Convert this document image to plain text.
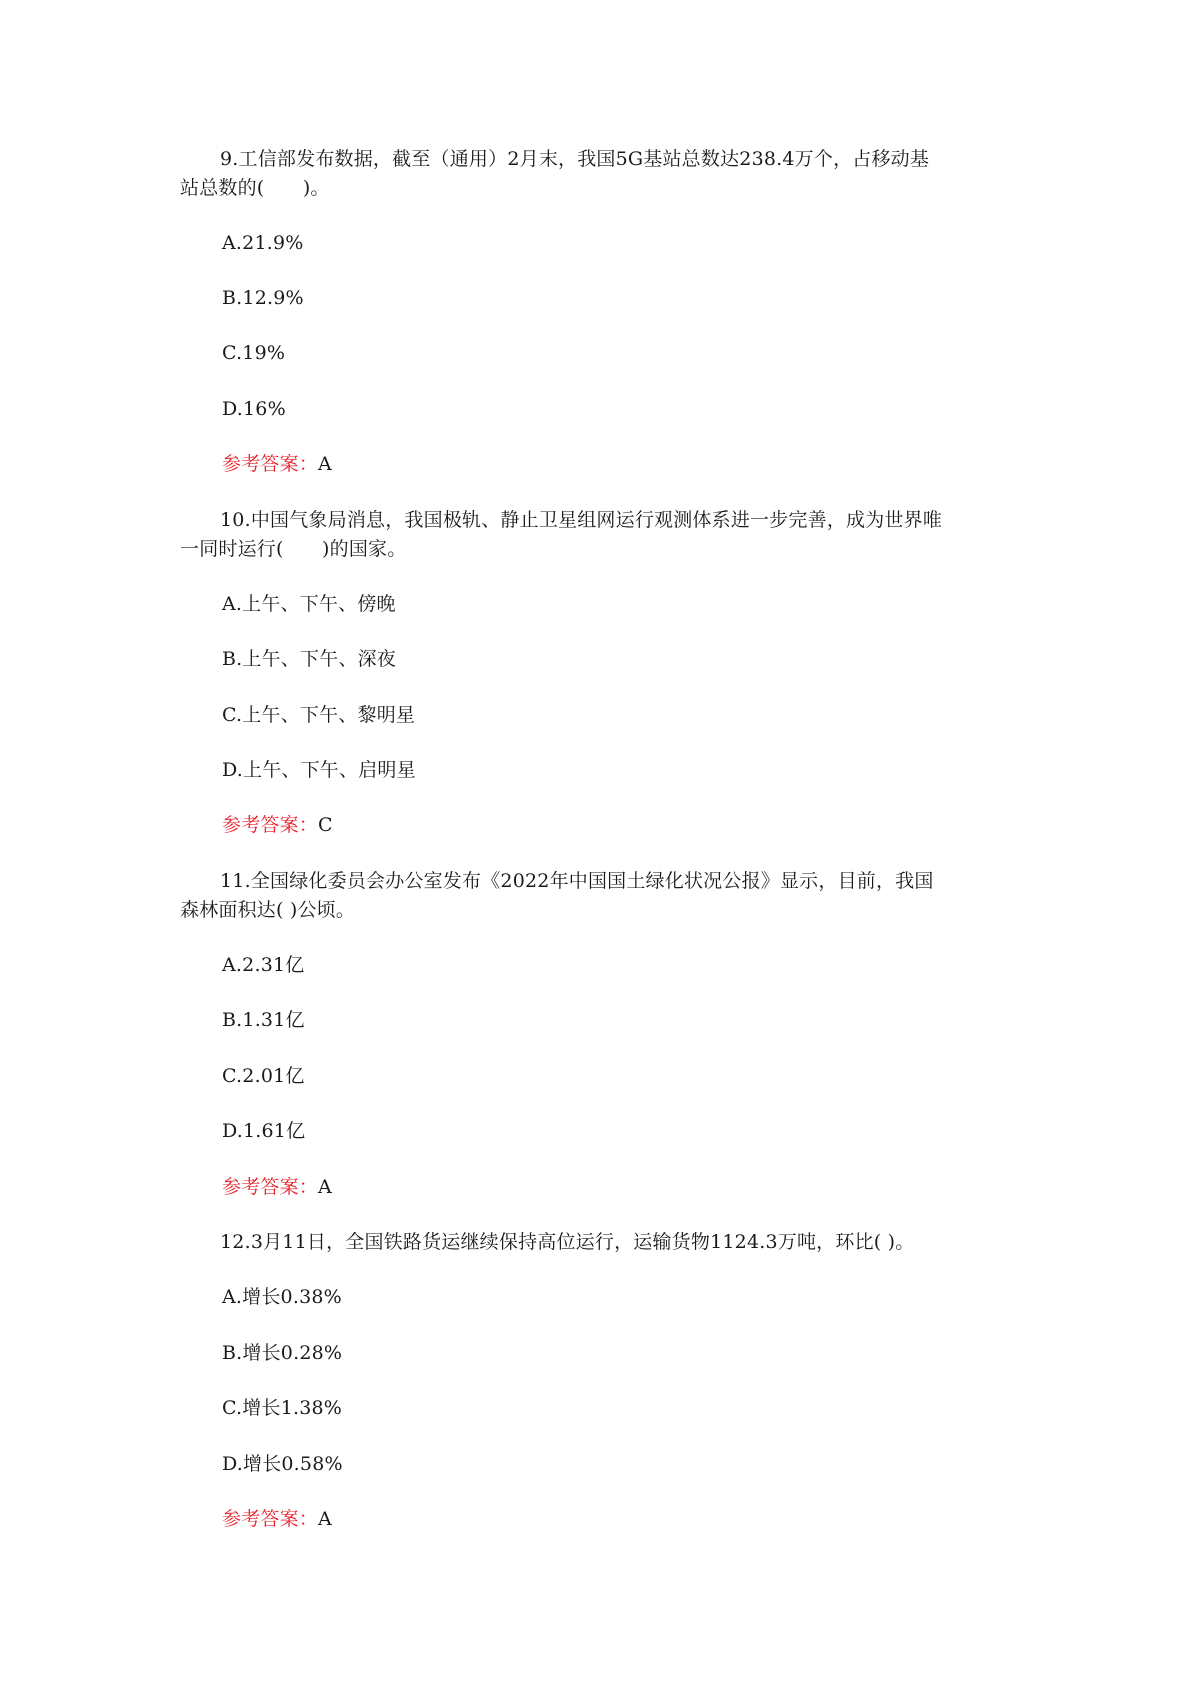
9.工信部发布数据，截至（通用）2月末，我国5G基站总数达238.4万个，占移动基
站总数的(　　)。
A.21.9%
B.12.9%
C.19%
D.16%
参考答案：A
10.中国气象局消息，我国极轨、静止卫星组网运行观测体系进一步完善，成为世界唯
一同时运行(　　)的国家。
A.上午、下午、傍晚
B.上午、下午、深夜
C.上午、下午、黎明星
D.上午、下午、启明星
参考答案：C
11.全国绿化委员会办公室发布《2022年中国国土绿化状况公报》显示，目前，我国
森林面积达( )公顷。
A.2.31亿
B.1.31亿
C.2.01亿
D.1.61亿
参考答案：A
12.3月11日，全国铁路货运继续保持高位运行，运输货物1124.3万吨，环比( )。
A.增长0.38%
B.增长0.28%
C.增长1.38%
D.增长0.58%
参考答案：A
